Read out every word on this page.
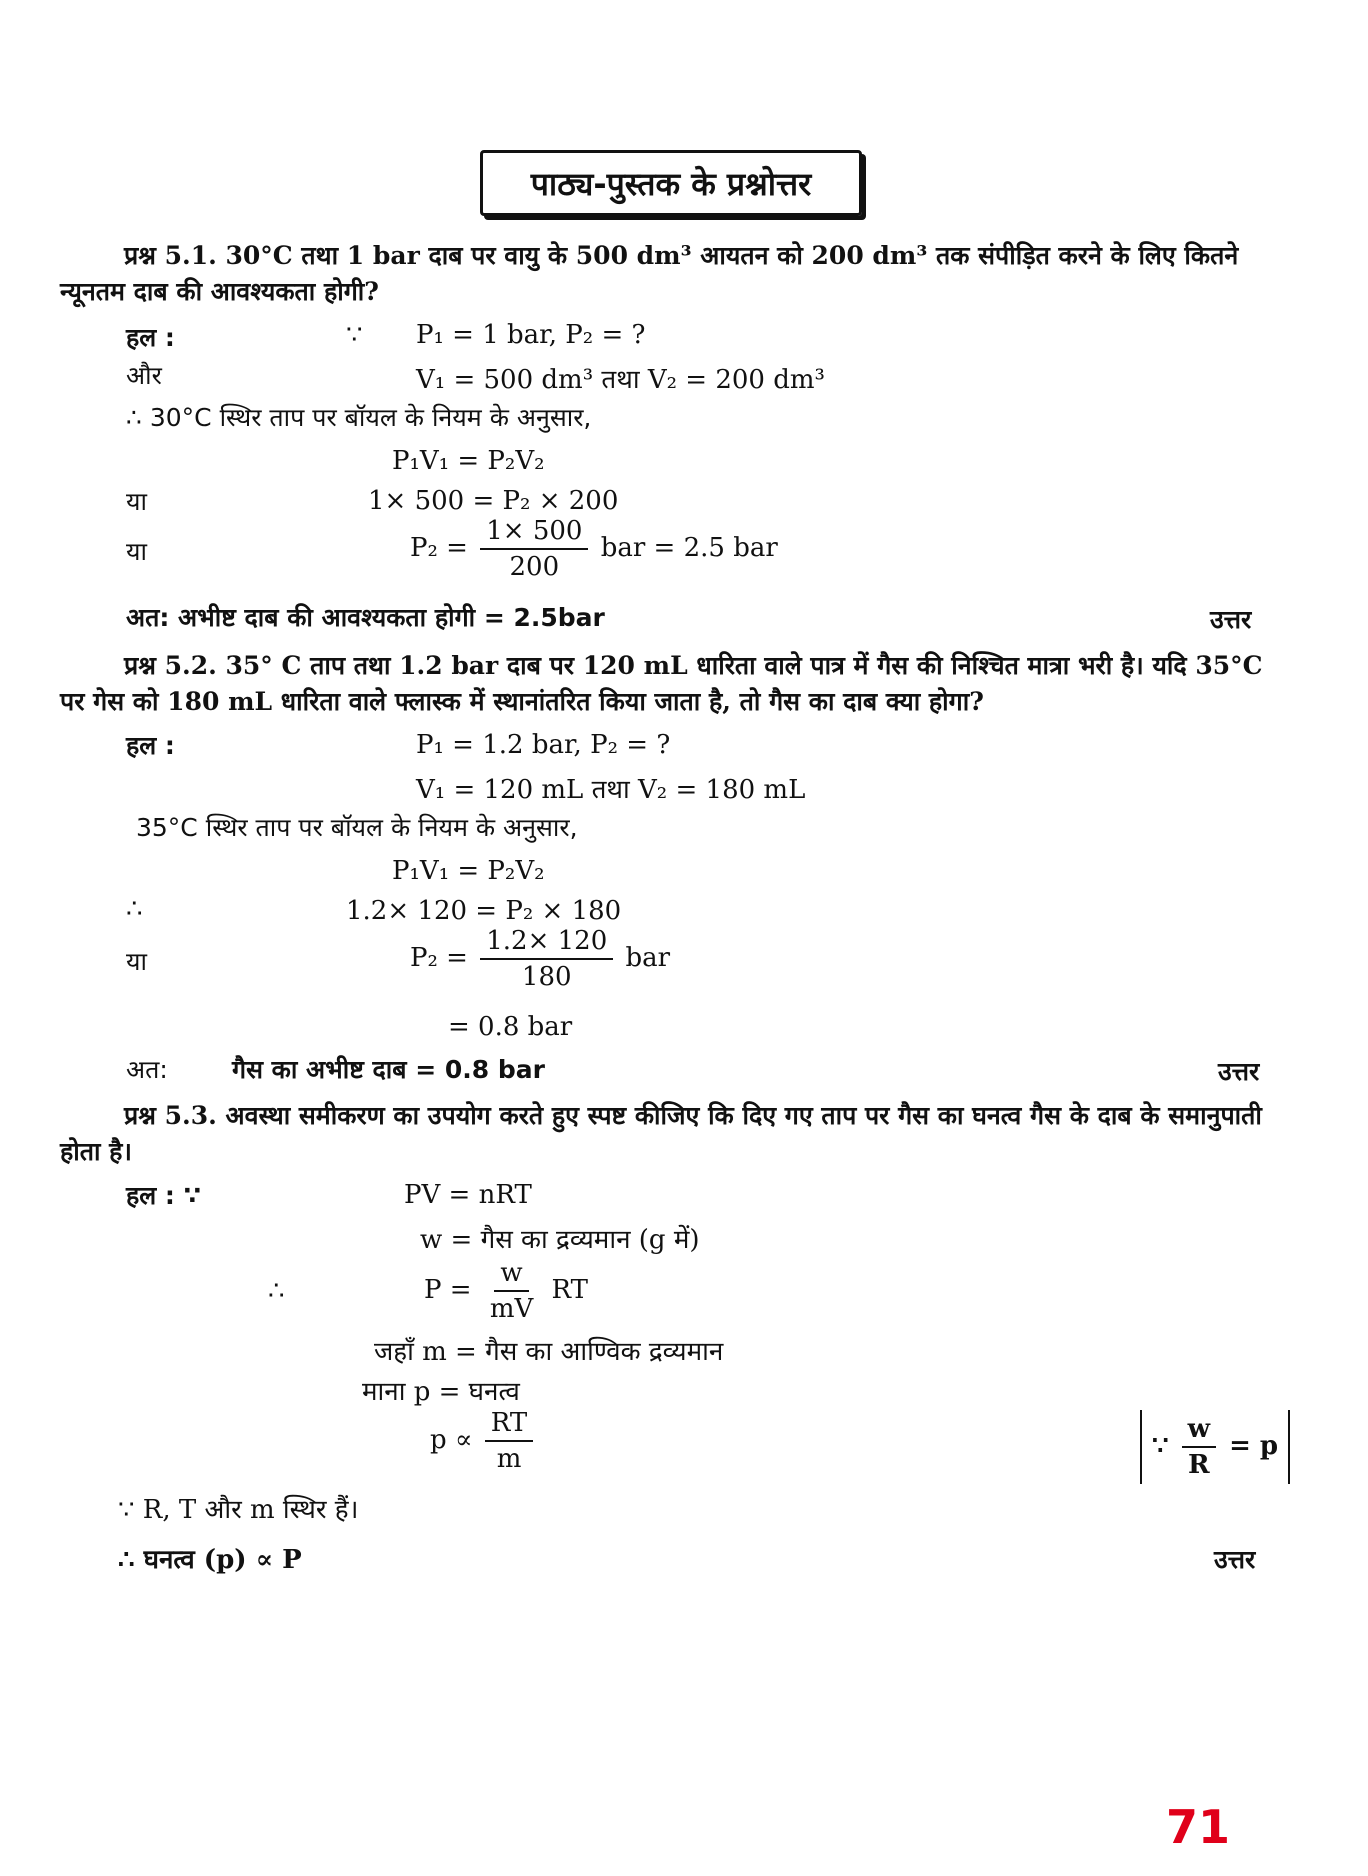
पाठ्य-पुस्तक के प्रश्नोत्तर
प्रश्न 5.1. 30°C तथा 1 bar दाब पर वायु के 500 dm³ आयतन को 200 dm³ तक संपीड़ित करने के लिए कितने न्यूनतम दाब की आवश्यकता होगी?
हल :	∵ P₁ = 1 bar, P₂ = ?
और	V₁ = 500 dm³ तथा V₂ = 200 dm³
∴ 30°C स्थिर ताप पर बॉयल के नियम के अनुसार,
P₁V₁ = P₂V₂
या	1× 500 = P₂ × 200
या	$P_2 = \frac{1\times 500}{200}$ bar = 2.5 bar
अत: अभीष्ट दाब की आवश्यकता होगी = 2.5bar	उत्तर
प्रश्न 5.2. 35° C ताप तथा 1.2 bar दाब पर 120 mL धारिता वाले पात्र में गैस की निश्चित मात्रा भरी है। यदि 35°C पर गेस को 180 mL धारिता वाले फ्लास्क में स्थानांतरित किया जाता है, तो गैस का दाब क्या होगा?
हल :	P₁ = 1.2 bar, P₂ = ?
V₁ = 120 mL तथा V₂ = 180 mL
35°C स्थिर ताप पर बॉयल के नियम के अनुसार,
P₁V₁ = P₂V₂
∴	1.2× 120 = P₂ × 180
या	$P_2 = \frac{1.2\times 120}{180}$ bar
= 0.8 bar
अत:	गैस का अभीष्ट दाब = 0.8 bar	उत्तर
प्रश्न 5.3. अवस्था समीकरण का उपयोग करते हुए स्पष्ट कीजिए कि दिए गए ताप पर गैस का घनत्व गैस के दाब के समानुपाती होता है।
हल : ∵	PV = nRT
w = गैस का द्रव्यमान (g में)
∴	$P = \frac{w}{mV}$ RT
जहाँ m = गैस का आण्विक द्रव्यमान
माना p = घनत्व
$p \propto \frac{RT}{m}$	∵ $\frac{w}{R} = p$
∵ R, T और m स्थिर हैं।
∴ घनत्व (p) ∝ P	उत्तर
71
